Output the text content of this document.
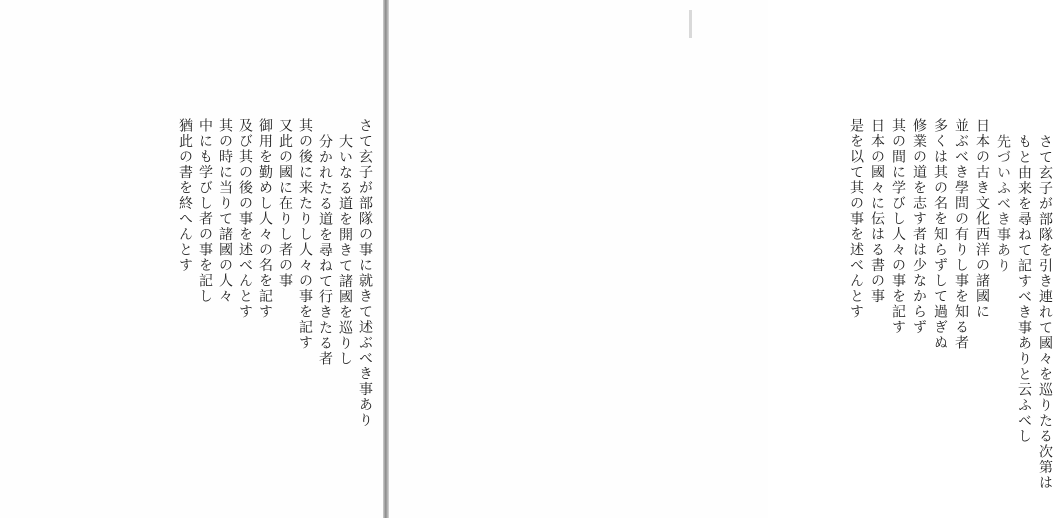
さて玄子が部隊の事に就きて述ぶべき事あり
大いなる道を開きて諸國を巡りし
分かれたる道を尋ねて行きたる者
其の後に来たりし人々の事を記す
又此の國に在りし者の事
御用を勤めし人々の名を記す
及び其の後の事を述べんとす
其の時に当りて諸國の人々
中にも学びし者の事を記し
猶此の書を終へんとす	さて玄子が部隊を引き連れて國々を巡りたる次第は
もと由来を尋ねて記すべき事ありと云ふべし
先づいふべき事あり
日本の古き文化西洋の諸國に
並ぶべき學問の有りし事を知る者
多くは其の名を知らずして過ぎぬ
修業の道を志す者は少なからず
其の間に学びし人々の事を記す
日本の國々に伝はる書の事
是を以て其の事を述べんとす
